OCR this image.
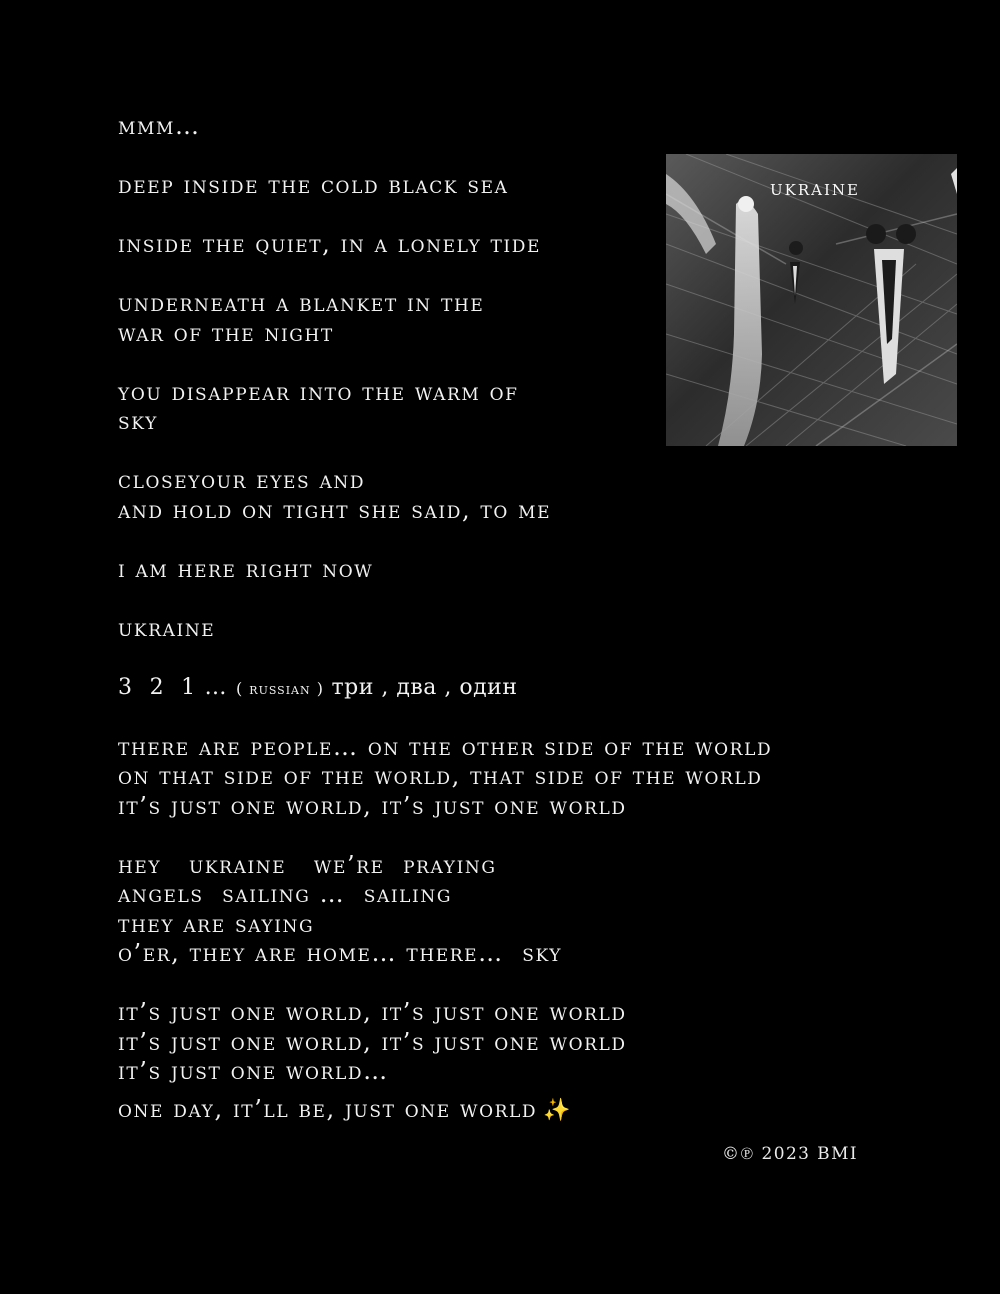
mmm…
deep inside the cold black sea
inside the quiet, in a lonely tide
underneath a blanket in the
war of the night
you disappear into the warm of
sky
closeyour eyes and
and hold on tight she said, to me
i am here right now
ukraine
3  2  1 … ( russian ) три , два , один
there are people… on the other side of the world
on that side of the world, that side of the world
it’s just one world, it’s just one world
hey   ukraine   we’re  praying
angels  sailing …  sailing
they are saying
o’er, they are home… there…  sky
it’s just one world, it’s just one world
it’s just one world, it’s just one world
it’s just one world…
one day, it’ll be, just one world ✨
©℗ 2023 BMI
ukraine
